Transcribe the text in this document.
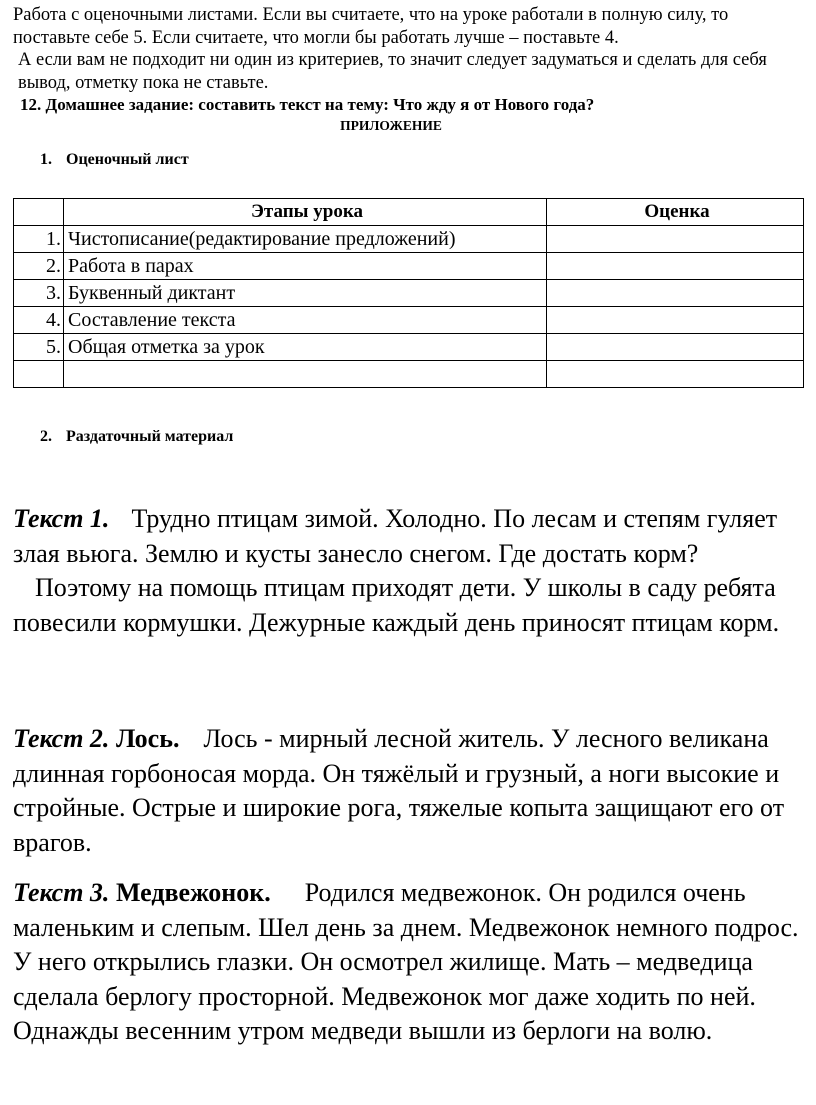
Работа с оценочными листами. Если вы считаете, что на уроке работали в полную силу, то поставьте себе 5. Если считаете, что могли бы работать лучше – поставьте 4.

А если вам не подходит ни один из критериев, то значит следует задуматься и сделать для себя вывод, отметку пока не ставьте.

12. Домашнее задание: составить текст на тему: Что жду я от Нового года?
ПРИЛОЖЕНИЕ
1. Оценочный лист
	Этапы урока	Оценка
1.	Чистописание(редактирование предложений)	
2.	Работа в парах	
3.	Буквенный диктант	
4.	Составление текста	
5.	Общая отметка за урок	

2. Раздаточный материал

Текст 1. Трудно птицам зимой. Холодно. По лесам и степям гуляет злая вьюга. Землю и кусты занесло снегом. Где достать корм?

Поэтому на помощь птицам приходят дети. У школы в саду ребята повесили кормушки. Дежурные каждый день приносят птицам корм.

Текст 2. Лось. Лось - мирный лесной житель. У лесного великана длинная горбоносая морда. Он тяжёлый и грузный, а ноги высокие и стройные. Острые и широкие рога, тяжелые копыта защищают его от врагов.

Текст 3. Медвежонок. Родился медвежонок. Он родился очень маленьким и слепым. Шел день за днем. Медвежонок немного подрос. У него открылись глазки. Он осмотрел жилище. Мать – медведица сделала берлогу просторной. Медвежонок мог даже ходить по ней. Однажды весенним утром медведи вышли из берлоги на волю.
